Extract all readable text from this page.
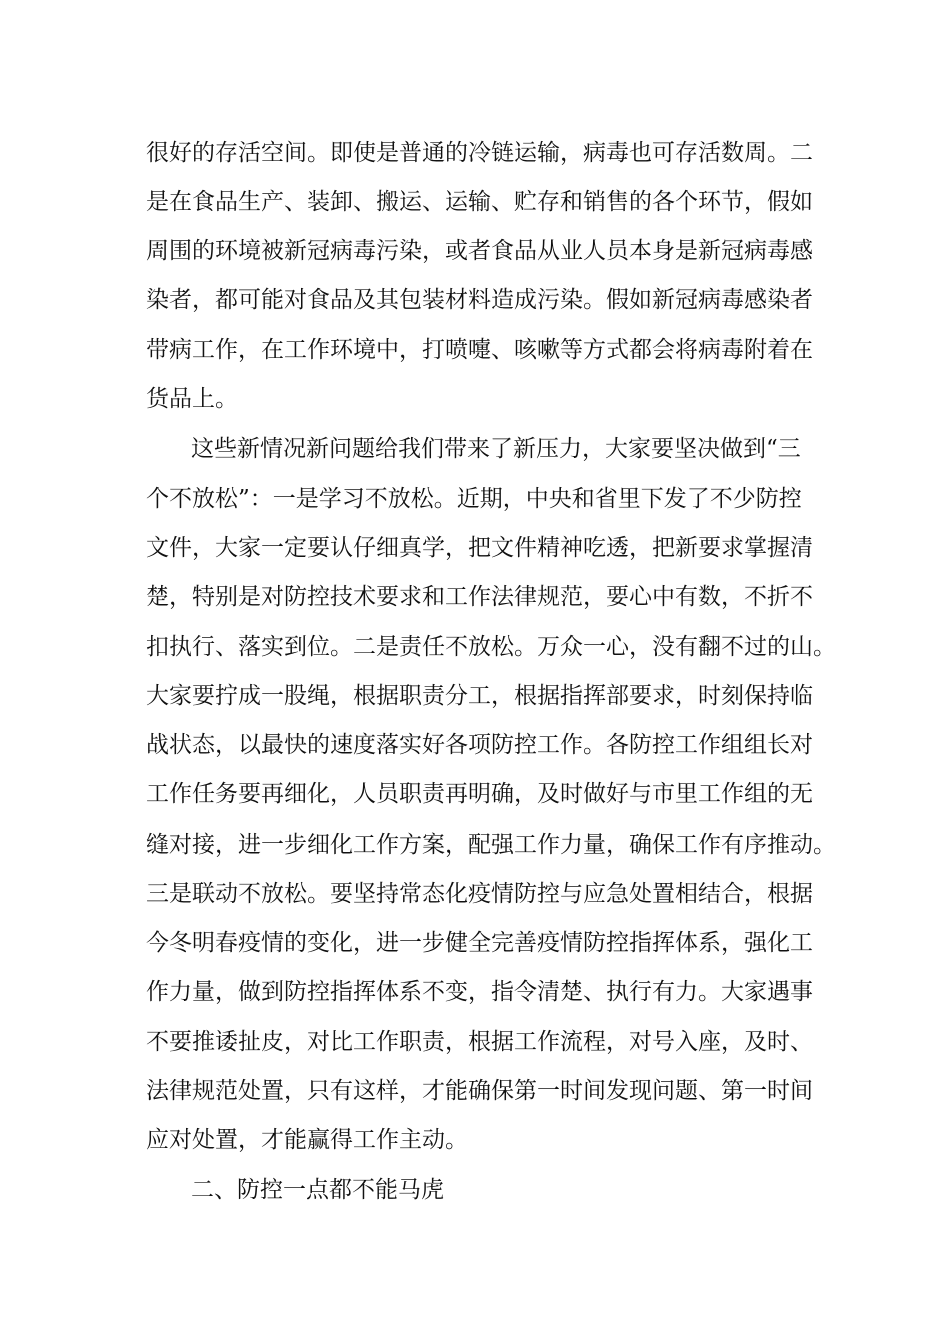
很好的存活空间。即使是普通的冷链运输，病毒也可存活数周。二
是在食品生产、装卸、搬运、运输、贮存和销售的各个环节，假如
周围的环境被新冠病毒污染，或者食品从业人员本身是新冠病毒感
染者，都可能对食品及其包装材料造成污染。假如新冠病毒感染者
带病工作，在工作环境中，打喷嚏、咳嗽等方式都会将病毒附着在
货品上。
这些新情况新问题给我们带来了新压力，大家要坚决做到“三
个不放松”：一是学习不放松。近期，中央和省里下发了不少防控
文件，大家一定要认仔细真学，把文件精神吃透，把新要求掌握清
楚，特别是对防控技术要求和工作法律规范，要心中有数，不折不
扣执行、落实到位。二是责任不放松。万众一心，没有翻不过的山。
大家要拧成一股绳，根据职责分工，根据指挥部要求，时刻保持临
战状态，以最快的速度落实好各项防控工作。各防控工作组组长对
工作任务要再细化，人员职责再明确，及时做好与市里工作组的无
缝对接，进一步细化工作方案，配强工作力量，确保工作有序推动。
三是联动不放松。要坚持常态化疫情防控与应急处置相结合，根据
今冬明春疫情的变化，进一步健全完善疫情防控指挥体系，强化工
作力量，做到防控指挥体系不变，指令清楚、执行有力。大家遇事
不要推诿扯皮，对比工作职责，根据工作流程，对号入座，及时、
法律规范处置，只有这样，才能确保第一时间发现问题、第一时间
应对处置，才能赢得工作主动。
二、防控一点都不能马虎
